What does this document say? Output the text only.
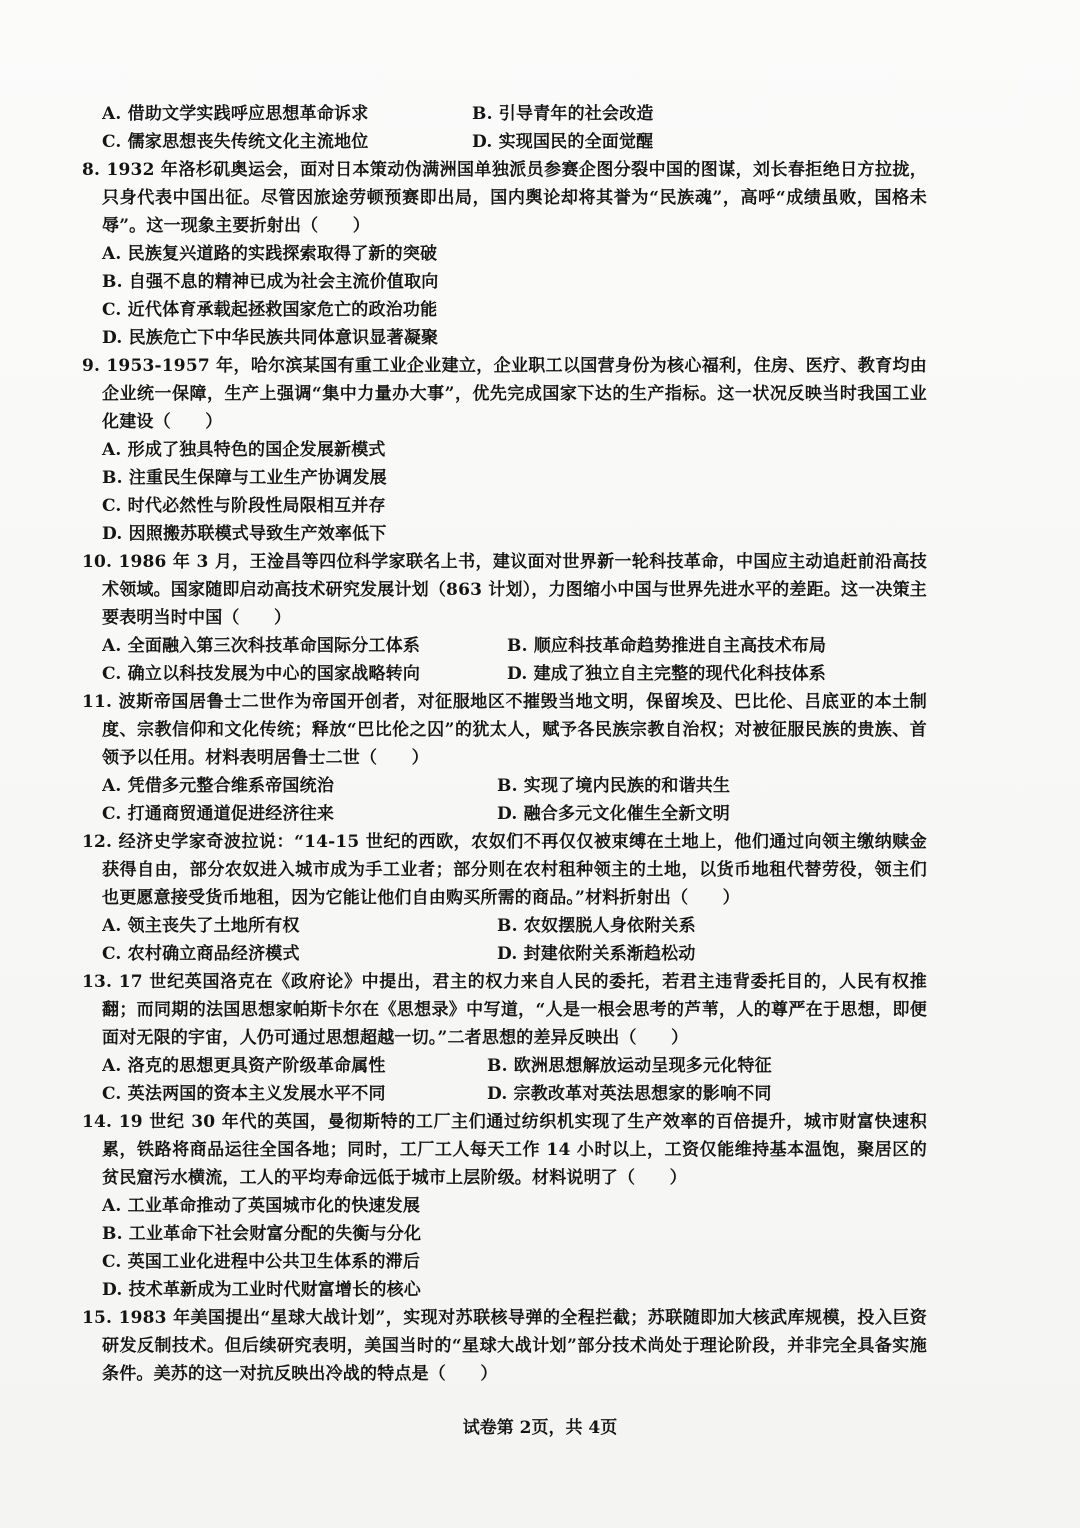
A. 借助文学实践呼应思想革命诉求	B. 引导青年的社会改造
C. 儒家思想丧失传统文化主流地位	D. 实现国民的全面觉醒

8. 1932 年洛杉矶奥运会，面对日本策动伪满洲国单独派员参赛企图分裂中国的图谋，刘长春拒绝日方拉拢，只身代表中国出征。尽管因旅途劳顿预赛即出局，国内舆论却将其誉为“民族魂”，高呼“成绩虽败，国格未辱”。这一现象主要折射出（　　）

A. 民族复兴道路的实践探索取得了新的突破
B. 自强不息的精神已成为社会主流价值取向
C. 近代体育承载起拯救国家危亡的政治功能
D. 民族危亡下中华民族共同体意识显著凝聚

9. 1953-1957 年，哈尔滨某国有重工业企业建立，企业职工以国营身份为核心福利，住房、医疗、教育均由企业统一保障，生产上强调“集中力量办大事”，优先完成国家下达的生产指标。这一状况反映当时我国工业化建设（　　）

A. 形成了独具特色的国企发展新模式
B. 注重民生保障与工业生产协调发展
C. 时代必然性与阶段性局限相互并存
D. 因照搬苏联模式导致生产效率低下

10. 1986 年 3 月，王淦昌等四位科学家联名上书，建议面对世界新一轮科技革命，中国应主动追赶前沿高技术领域。国家随即启动高技术研究发展计划（863 计划），力图缩小中国与世界先进水平的差距。这一决策主要表明当时中国（　　）

A. 全面融入第三次科技革命国际分工体系	B. 顺应科技革命趋势推进自主高技术布局
C. 确立以科技发展为中心的国家战略转向	D. 建成了独立自主完整的现代化科技体系

11. 波斯帝国居鲁士二世作为帝国开创者，对征服地区不摧毁当地文明，保留埃及、巴比伦、吕底亚的本土制度、宗教信仰和文化传统；释放“巴比伦之囚”的犹太人，赋予各民族宗教自治权；对被征服民族的贵族、首领予以任用。材料表明居鲁士二世（　　）

A. 凭借多元整合维系帝国统治	B. 实现了境内民族的和谐共生
C. 打通商贸通道促进经济往来	D. 融合多元文化催生全新文明

12. 经济史学家奇波拉说：“14-15 世纪的西欧，农奴们不再仅仅被束缚在土地上，他们通过向领主缴纳赎金获得自由，部分农奴进入城市成为手工业者；部分则在农村租种领主的土地，以货币地租代替劳役，领主们也更愿意接受货币地租，因为它能让他们自由购买所需的商品。”材料折射出（　　）

A. 领主丧失了土地所有权	B. 农奴摆脱人身依附关系
C. 农村确立商品经济模式	D. 封建依附关系渐趋松动

13. 17 世纪英国洛克在《政府论》中提出，君主的权力来自人民的委托，若君主违背委托目的，人民有权推翻；而同期的法国思想家帕斯卡尔在《思想录》中写道，“人是一根会思考的芦苇，人的尊严在于思想，即便面对无限的宇宙，人仍可通过思想超越一切。”二者思想的差异反映出（　　）

A. 洛克的思想更具资产阶级革命属性	B. 欧洲思想解放运动呈现多元化特征
C. 英法两国的资本主义发展水平不同	D. 宗教改革对英法思想家的影响不同

14. 19 世纪 30 年代的英国，曼彻斯特的工厂主们通过纺织机实现了生产效率的百倍提升，城市财富快速积累，铁路将商品运往全国各地；同时，工厂工人每天工作 14 小时以上，工资仅能维持基本温饱，聚居区的贫民窟污水横流，工人的平均寿命远低于城市上层阶级。材料说明了（　　）

A. 工业革命推动了英国城市化的快速发展
B. 工业革命下社会财富分配的失衡与分化
C. 英国工业化进程中公共卫生体系的滞后
D. 技术革新成为工业时代财富增长的核心

15. 1983 年美国提出“星球大战计划”，实现对苏联核导弹的全程拦截；苏联随即加大核武库规模，投入巨资研发反制技术。但后续研究表明，美国当时的“星球大战计划”部分技术尚处于理论阶段，并非完全具备实施条件。美苏的这一对抗反映出冷战的特点是（　　）

试卷第 2页，共 4页
